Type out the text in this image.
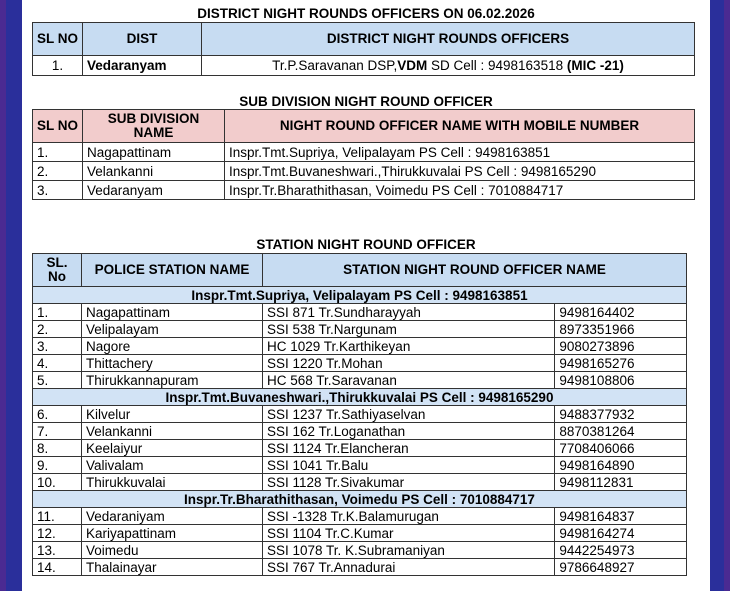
DISTRICT NIGHT ROUNDS OFFICERS ON 06.02.2026
SL NO	DIST	DISTRICT NIGHT ROUNDS OFFICERS
1.	Vedaranyam	Tr.P.Saravanan DSP,VDM SD Cell : 9498163518 (MIC -21)
SUB DIVISION NIGHT ROUND OFFICER
SL NO	SUB DIVISION NAME	NIGHT ROUND OFFICER NAME WITH MOBILE NUMBER
1.	Nagapattinam	Inspr.Tmt.Supriya, Velipalayam PS Cell : 9498163851
2.	Velankanni	Inspr.Tmt.Buvaneshwari.,Thirukkuvalai PS Cell : 9498165290
3.	Vedaranyam	Inspr.Tr.Bharathithasan, Voimedu PS Cell : 7010884717
STATION NIGHT ROUND OFFICER
SL. No	POLICE STATION NAME	STATION NIGHT ROUND OFFICER NAME	
Inspr.Tmt.Supriya, Velipalayam PS Cell : 9498163851			
1.	Nagapattinam	SSI 871 Tr.Sundharayyah	9498164402
2.	Velipalayam	SSI 538 Tr.Nargunam	8973351966
3.	Nagore	HC 1029 Tr.Karthikeyan	9080273896
4.	Thittachery	SSI 1220 Tr.Mohan	9498165276
5.	Thirukkannapuram	HC 568 Tr.Saravanan	9498108806
Inspr.Tmt.Buvaneshwari.,Thirukkuvalai PS Cell : 9498165290			
6.	Kilvelur	SSI 1237 Tr.Sathiyaselvan	9488377932
7.	Velankanni	SSI 162 Tr.Loganathan	8870381264
8.	Keelaiyur	SSI 1124 Tr.Elancheran	7708406066
9.	Valivalam	SSI 1041 Tr.Balu	9498164890
10.	Thirukkuvalai	SSI 1128 Tr.Sivakumar	9498112831
Inspr.Tr.Bharathithasan, Voimedu PS Cell : 7010884717			
11.	Vedaraniyam	SSI -1328 Tr.K.Balamurugan	9498164837
12.	Kariyapattinam	SSI 1104 Tr.C.Kumar	9498164274
13.	Voimedu	SSI 1078 Tr. K.Subramaniyan	9442254973
14.	Thalainayar	SSI 767 Tr.Annadurai	9786648927
